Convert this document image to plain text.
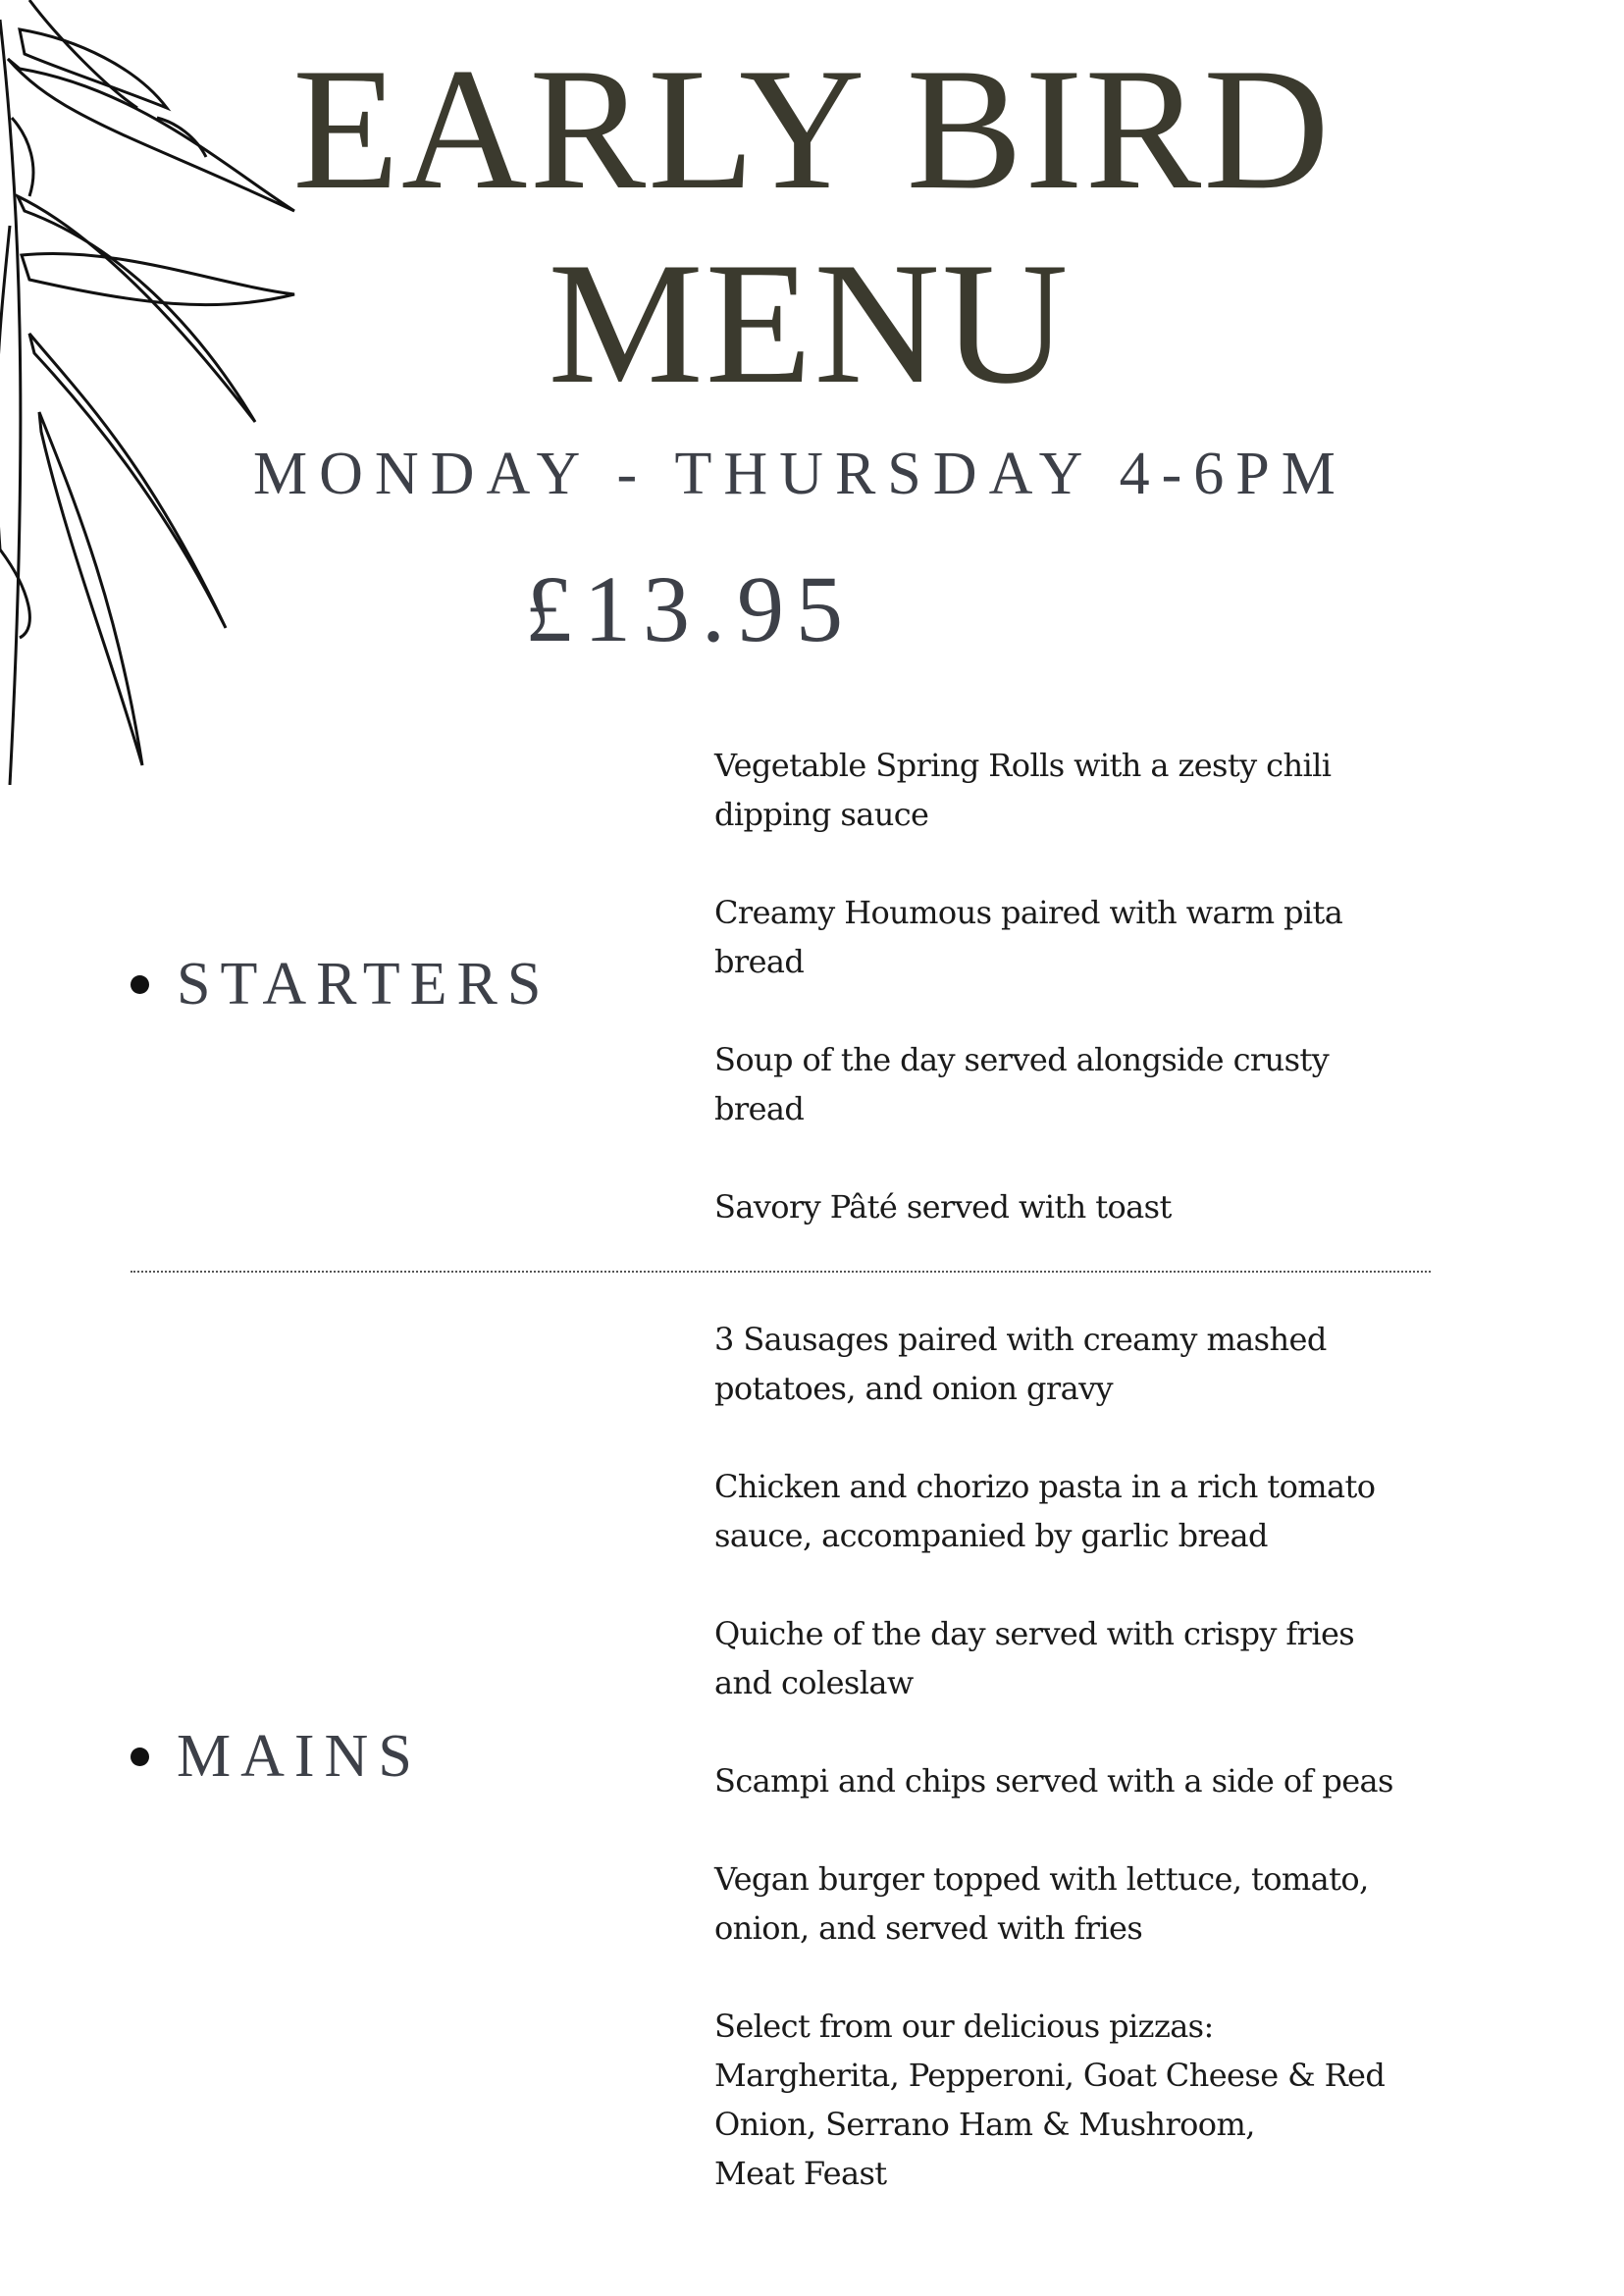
EARLY BIRD
MENU
MONDAY - THURSDAY 4-6PM
£13.95
STARTERS

Vegetable Spring Rolls with a zesty chili
dipping sauce

Creamy Houmous paired with warm pita
bread

Soup of the day served alongside crusty
bread

Savory Pâté served with toast

MAINS

3 Sausages paired with creamy mashed
potatoes, and onion gravy

Chicken and chorizo pasta in a rich tomato
sauce, accompanied by garlic bread

Quiche of the day served with crispy fries
and coleslaw

Scampi and chips served with a side of peas

Vegan burger topped with lettuce, tomato,
onion, and served with fries

Select from our delicious pizzas:
Margherita, Pepperoni, Goat Cheese & Red
Onion, Serrano Ham & Mushroom,
Meat Feast
